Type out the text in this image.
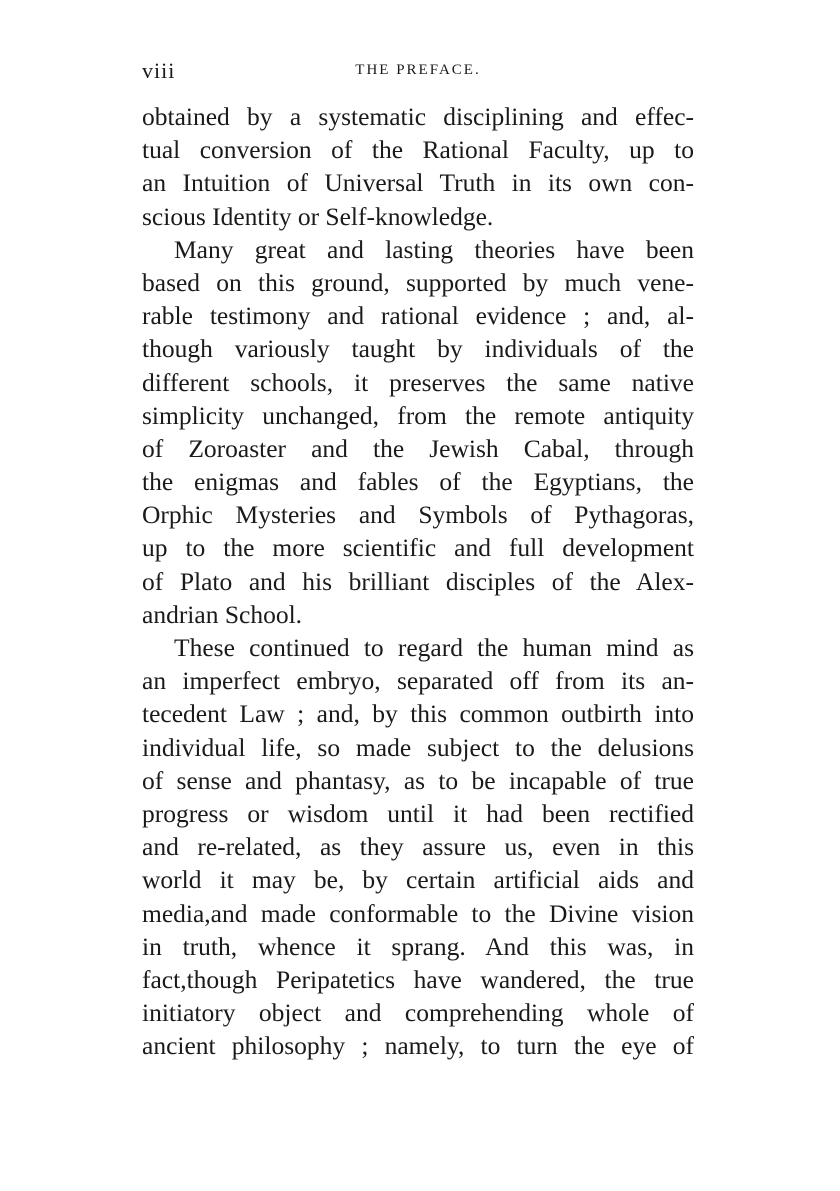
viii	THE PREFACE.
obtained by a systematic disciplining and effec-
tual conversion of the Rational Faculty, up to
an Intuition of Universal Truth in its own con-
scious Identity or Self-knowledge.
Many great and lasting theories have been
based on this ground, supported by much vene-
rable testimony and rational evidence ; and, al-
though variously taught by individuals of the
different schools, it preserves the same native
simplicity unchanged, from the remote antiquity
of Zoroaster and the Jewish Cabal, through
the enigmas and fables of the Egyptians, the
Orphic Mysteries and Symbols of Pythagoras,
up to the more scientific and full development
of Plato and his brilliant disciples of the Alex-
andrian School.
These continued to regard the human mind as
an imperfect embryo, separated off from its an-
tecedent Law ; and, by this common outbirth into
individual life, so made subject to the delusions
of sense and phantasy, as to be incapable of true
progress or wisdom until it had been rectified
and re-related, as they assure us, even in this
world it may be, by certain artificial aids and
media,and made conformable to the Divine vision
in truth, whence it sprang. And this was, in
fact,though Peripatetics have wandered, the true
initiatory object and comprehending whole of
ancient philosophy ; namely, to turn the eye of
